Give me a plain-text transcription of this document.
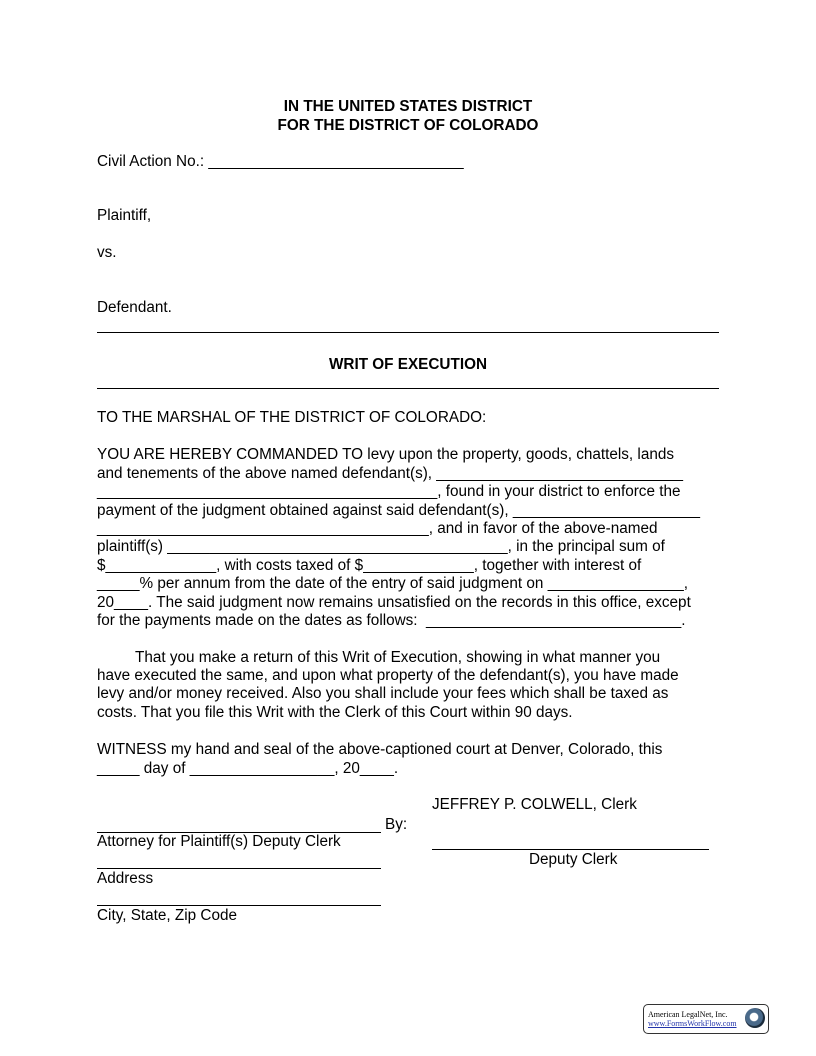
IN THE UNITED STATES DISTRICT
FOR THE DISTRICT OF COLORADO
Civil Action No.: ______________________________
Plaintiff,
vs.
Defendant.
WRIT OF EXECUTION
TO THE MARSHAL OF THE DISTRICT OF COLORADO:
YOU ARE HEREBY COMMANDED TO levy upon the property, goods, chattels, lands
and tenements of the above named defendant(s), _____________________________
________________________________________, found in your district to enforce the
payment of the judgment obtained against said defendant(s), ______________________
_______________________________________, and in favor of the above-named
plaintiff(s) ________________________________________, in the principal sum of
$_____________, with costs taxed of $_____________, together with interest of
_____% per annum from the date of the entry of said judgment on ________________,
20____. The said judgment now remains unsatisfied on the records in this office, except
for the payments made on the dates as follows:  ______________________________.
That you make a return of this Writ of Execution, showing in what manner you
have executed the same, and upon what property of the defendant(s), you have made
levy and/or money received. Also you shall include your fees which shall be taxed as
costs. That you file this Writ with the Clerk of this Court within 90 days.
WITNESS my hand and seal of the above-captioned court at Denver, Colorado, this
_____ day of _________________, 20____.
JEFFREY P. COLWELL, Clerk
By:
Attorney for Plaintiff(s) Deputy Clerk
Deputy Clerk
Address
City, State, Zip Code
American LegalNet, Inc.
www.FormsWorkFlow.com
